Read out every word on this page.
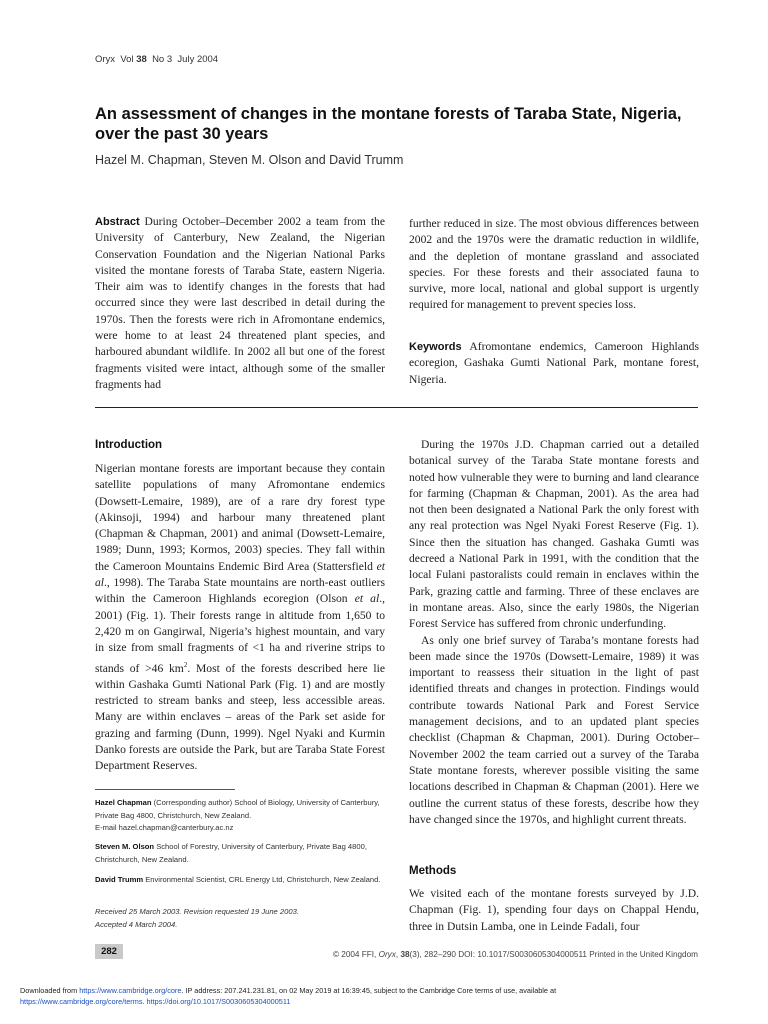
Oryx Vol 38 No 3 July 2004
An assessment of changes in the montane forests of Taraba State, Nigeria, over the past 30 years
Hazel M. Chapman, Steven M. Olson and David Trumm

Abstract During October–December 2002 a team from the University of Canterbury, New Zealand, the Nigerian Conservation Foundation and the Nigerian National Parks visited the montane forests of Taraba State, eastern Nigeria. Their aim was to identify changes in the forests that had occurred since they were last described in detail during the 1970s. Then the forests were rich in Afromontane endemics, were home to at least 24 threatened plant species, and harboured abundant wildlife. In 2002 all but one of the forest fragments visited were intact, although some of the smaller fragments had

further reduced in size. The most obvious differences between 2002 and the 1970s were the dramatic reduction in wildlife, and the depletion of montane grassland and associated species. For these forests and their associated fauna to survive, more local, national and global support is urgently required for management to prevent species loss.

Keywords Afromontane endemics, Cameroon Highlands ecoregion, Gashaka Gumti National Park, montane forest, Nigeria.

Introduction

Nigerian montane forests are important because they contain satellite populations of many Afromontane endemics (Dowsett-Lemaire, 1989), are of a rare dry forest type (Akinsoji, 1994) and harbour many threatened plant (Chapman & Chapman, 2001) and animal (Dowsett-Lemaire, 1989; Dunn, 1993; Kormos, 2003) species. They fall within the Cameroon Mountains Endemic Bird Area (Stattersfield et al., 1998). The Taraba State mountains are north-east outliers within the Cameroon Highlands ecoregion (Olson et al., 2001) (Fig. 1). Their forests range in altitude from 1,650 to 2,420 m on Gangirwal, Nigeria’s highest mountain, and vary in size from small fragments of <1 ha and riverine strips to stands of >46 $km^2$. Most of the forests described here lie within Gashaka Gumti National Park (Fig. 1) and are mostly restricted to stream banks and steep, less accessible areas. Many are within enclaves – areas of the Park set aside for grazing and farming (Dunn, 1999). Ngel Nyaki and Kurmin Danko forests are outside the Park, but are Taraba State Forest Department Reserves.

During the 1970s J.D. Chapman carried out a detailed botanical survey of the Taraba State montane forests and noted how vulnerable they were to burning and land clearance for farming (Chapman & Chapman, 2001). As the area had not then been designated a National Park the only forest with any real protection was Ngel Nyaki Forest Reserve (Fig. 1). Since then the situation has changed. Gashaka Gumti was decreed a National Park in 1991, with the condition that the local Fulani pastoralists could remain in enclaves within the Park, grazing cattle and farming. Three of these enclaves are in montane areas. Also, since the early 1980s, the Nigerian Forest Service has suffered from chronic underfunding.

As only one brief survey of Taraba’s montane forests had been made since the 1970s (Dowsett-Lemaire, 1989) it was important to reassess their situation in the light of past identified threats and changes in protection. Findings would contribute towards National Park and Forest Service management decisions, and to an updated plant species checklist (Chapman & Chapman, 2001). During October–November 2002 the team carried out a survey of the Taraba State montane forests, wherever possible visiting the same locations described in Chapman & Chapman (2001). Here we outline the current status of these forests, describe how they have changed since the 1970s, and highlight current threats.

Methods

We visited each of the montane forests surveyed by J.D. Chapman (Fig. 1), spending four days on Chappal Hendu, three in Dutsin Lamba, one in Leinde Fadali, four

Hazel Chapman (Corresponding author) School of Biology, University of Canterbury, Private Bag 4800, Christchurch, New Zealand.
E-mail hazel.chapman@canterbury.ac.nz
Steven M. Olson School of Forestry, University of Canterbury, Private Bag 4800, Christchurch, New Zealand.
David Trumm Environmental Scientist, CRL Energy Ltd, Christchurch, New Zealand.
Received 25 March 2003. Revision requested 19 June 2003.
Accepted 4 March 2004.
282	© 2004 FFI, Oryx, 38(3), 282–290 DOI: 10.1017/S0030605304000511 Printed in the United Kingdom
Downloaded from https://www.cambridge.org/core. IP address: 207.241.231.81, on 02 May 2019 at 16:39:45, subject to the Cambridge Core terms of use, available at
https://www.cambridge.org/core/terms. https://doi.org/10.1017/S0030605304000511
